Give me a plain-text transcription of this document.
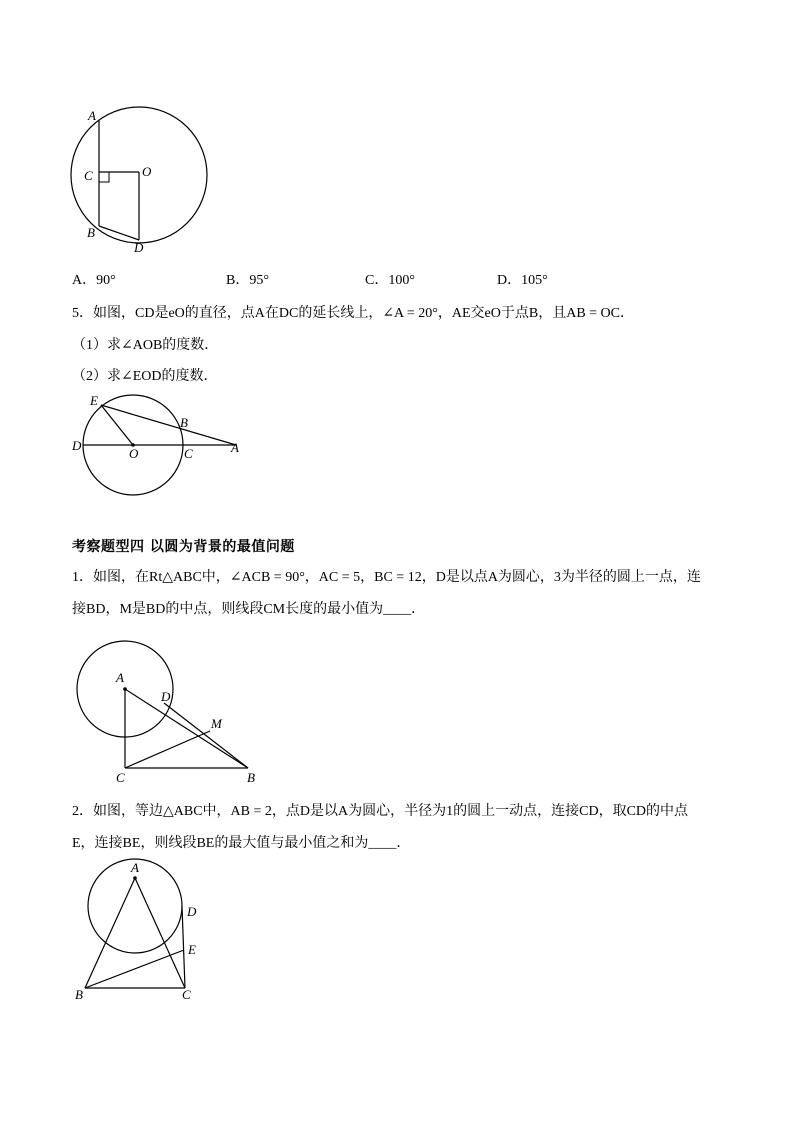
A
C	O
B
D
A．90°	B．95°	C．100°	D．105°
5．如图，CD是eO的直径，点A在DC的延长线上，∠A = 20°，AE交eO于点B，且AB = OC．
（1）求∠AOB的度数．
（2）求∠EOD的度数．
E
B
D
O	C	A
考察题型四 以圆为背景的最值问题
1．如图，在Rt△ABC中，∠ACB = 90°，AC = 5，BC = 12，D是以点A为圆心，3为半径的圆上一点，连
接BD，M是BD的中点，则线段CM长度的最小值为____．
A
D
M
C	B
2．如图，等边△ABC中，AB = 2，点D是以A为圆心，半径为1的圆上一动点，连接CD，取CD的中点
E，连接BE，则线段BE的最大值与最小值之和为____．
A
D
E
B	C
